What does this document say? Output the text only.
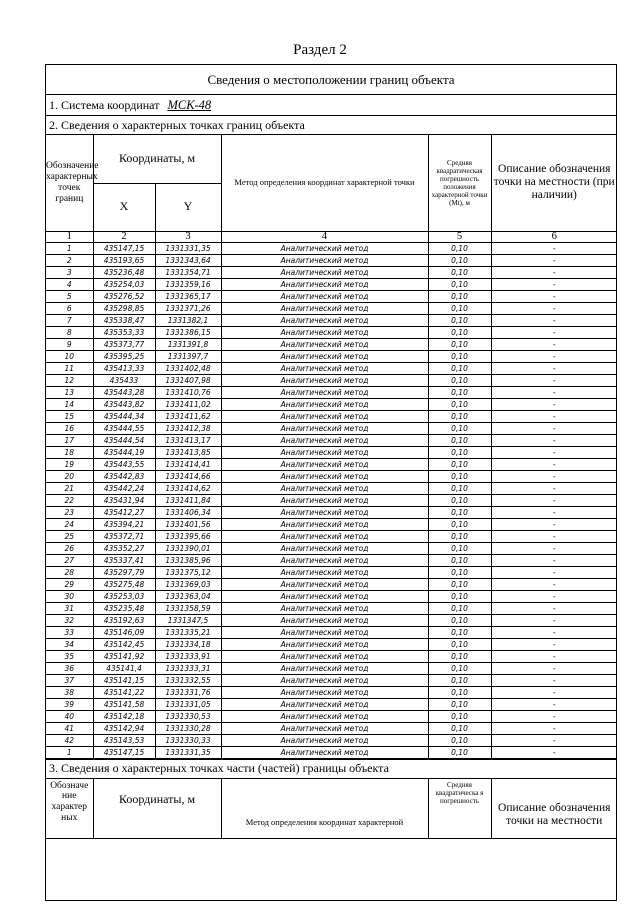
Раздел 2
Сведения о местоположении границ объекта
1. Система координат МСК-48
2. Сведения о характерных точках границ объекта
Обозначение характерных точек границ	Координаты, м		Метод определения координат характерной точки	Средняя квадратическая погрешность положения характерной точки (Mt), м	Описание обозначения точки на местности (при наличии)
	X	Y			
1	2	3	4	5	6
1	435147,15	1331331,35	Аналитический метод	0,10	-
2	435193,65	1331343,64	Аналитический метод	0,10	-
3	435236,48	1331354,71	Аналитический метод	0,10	-
4	435254,03	1331359,16	Аналитический метод	0,10	-
5	435276,52	1331365,17	Аналитический метод	0,10	-
6	435298,85	1331371,26	Аналитический метод	0,10	-
7	435338,47	1331382,1	Аналитический метод	0,10	-
8	435353,33	1331386,15	Аналитический метод	0,10	-
9	435373,77	1331391,8	Аналитический метод	0,10	-
10	435395,25	1331397,7	Аналитический метод	0,10	-
11	435413,33	1331402,48	Аналитический метод	0,10	-
12	435433	1331407,98	Аналитический метод	0,10	-
13	435443,28	1331410,76	Аналитический метод	0,10	-
14	435443,82	1331411,02	Аналитический метод	0,10	-
15	435444,34	1331411,62	Аналитический метод	0,10	-
16	435444,55	1331412,38	Аналитический метод	0,10	-
17	435444,54	1331413,17	Аналитический метод	0,10	-
18	435444,19	1331413,85	Аналитический метод	0,10	-
19	435443,55	1331414,41	Аналитический метод	0,10	-
20	435442,83	1331414,66	Аналитический метод	0,10	-
21	435442,24	1331414,62	Аналитический метод	0,10	-
22	435431,94	1331411,84	Аналитический метод	0,10	-
23	435412,27	1331406,34	Аналитический метод	0,10	-
24	435394,21	1331401,56	Аналитический метод	0,10	-
25	435372,71	1331395,66	Аналитический метод	0,10	-
26	435352,27	1331390,01	Аналитический метод	0,10	-
27	435337,41	1331385,96	Аналитический метод	0,10	-
28	435297,79	1331375,12	Аналитический метод	0,10	-
29	435275,48	1331369,03	Аналитический метод	0,10	-
30	435253,03	1331363,04	Аналитический метод	0,10	-
31	435235,48	1331358,59	Аналитический метод	0,10	-
32	435192,63	1331347,5	Аналитический метод	0,10	-
33	435146,09	1331335,21	Аналитический метод	0,10	-
34	435142,45	1331334,18	Аналитический метод	0,10	-
35	435141,92	1331333,91	Аналитический метод	0,10	-
36	435141,4	1331333,31	Аналитический метод	0,10	-
37	435141,15	1331332,55	Аналитический метод	0,10	-
38	435141,22	1331331,76	Аналитический метод	0,10	-
39	435141,58	1331331,05	Аналитический метод	0,10	-
40	435142,18	1331330,53	Аналитический метод	0,10	-
41	435142,94	1331330,28	Аналитический метод	0,10	-
42	435143,53	1331330,33	Аналитический метод	0,10	-
1	435147,15	1331331,35	Аналитический метод	0,10	-
3. Сведения о характерных точках части (частей) границы объекта
Обозначе ние характер ных	Координаты, м	Метод определения координат характерной	Средняя квадратическа я погрешность	Описание обозначения точки на местности
